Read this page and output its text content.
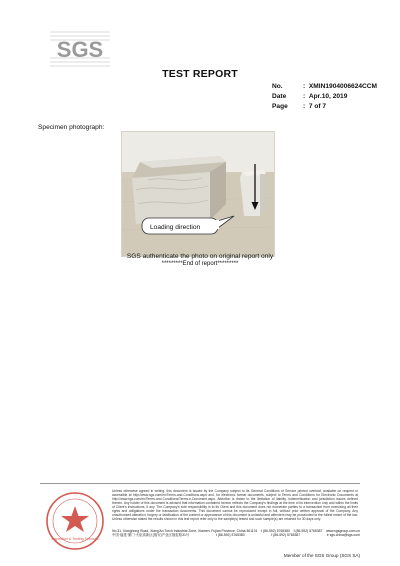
SGS
TEST REPORT
No.	: XMIN1904006624CCM
Date	: Apr.10, 2019
Page : 7 of 7
Specimen photograph:
Loading direction
SGS authenticate the photo on original report only
*********End of report*********
Inspection & Testing Services
Unless otherwise agreed in writing, this document is issued by the Company subject to its General Conditions of Service printed overleaf, available on request or accessible at http://www.sgs.com/en/Terms-and-Conditions.aspx and, for electronic format documents, subject to Terms and Conditions for Electronic Documents at http://www.sgs.com/en/Terms-and-Conditions/Terms-e-Document.aspx. Attention is drawn to the limitation of liability, indemnification and jurisdiction issues defined therein. Any holder of this document is advised that information contained hereon reflects the Company's findings at the time of its intervention only and within the limits of Client's instructions, if any. The Company's sole responsibility is to its Client and this document does not exonerate parties to a transaction from exercising all their rights and obligations under the transaction documents. This document cannot be reproduced except in full, without prior written approval of the Company. Any unauthorized alteration, forgery or falsification of the content or appearance of this document is unlawful and offenders may be prosecuted to the fullest extent of the law. Unless otherwise stated the results shown in this test report refer only to the sample(s) tested and such sample(s) are retained for 30 days only.
No.31, Xianghong Road, Xiang'An Torch Industrial Zone, Xiamen, Fujian Province, China 361101 t (86-592) 5765380 f (86-592) 5765387 www.sgsgroup.com.cn
中国·福建·厦门·火炬高新区(翔安)产业区翔虹路31号	t (86-592) 5765380	f (86-592) 5765387	e sgs.china@sgs.com
Member of the SGS Group (SGS SA)
